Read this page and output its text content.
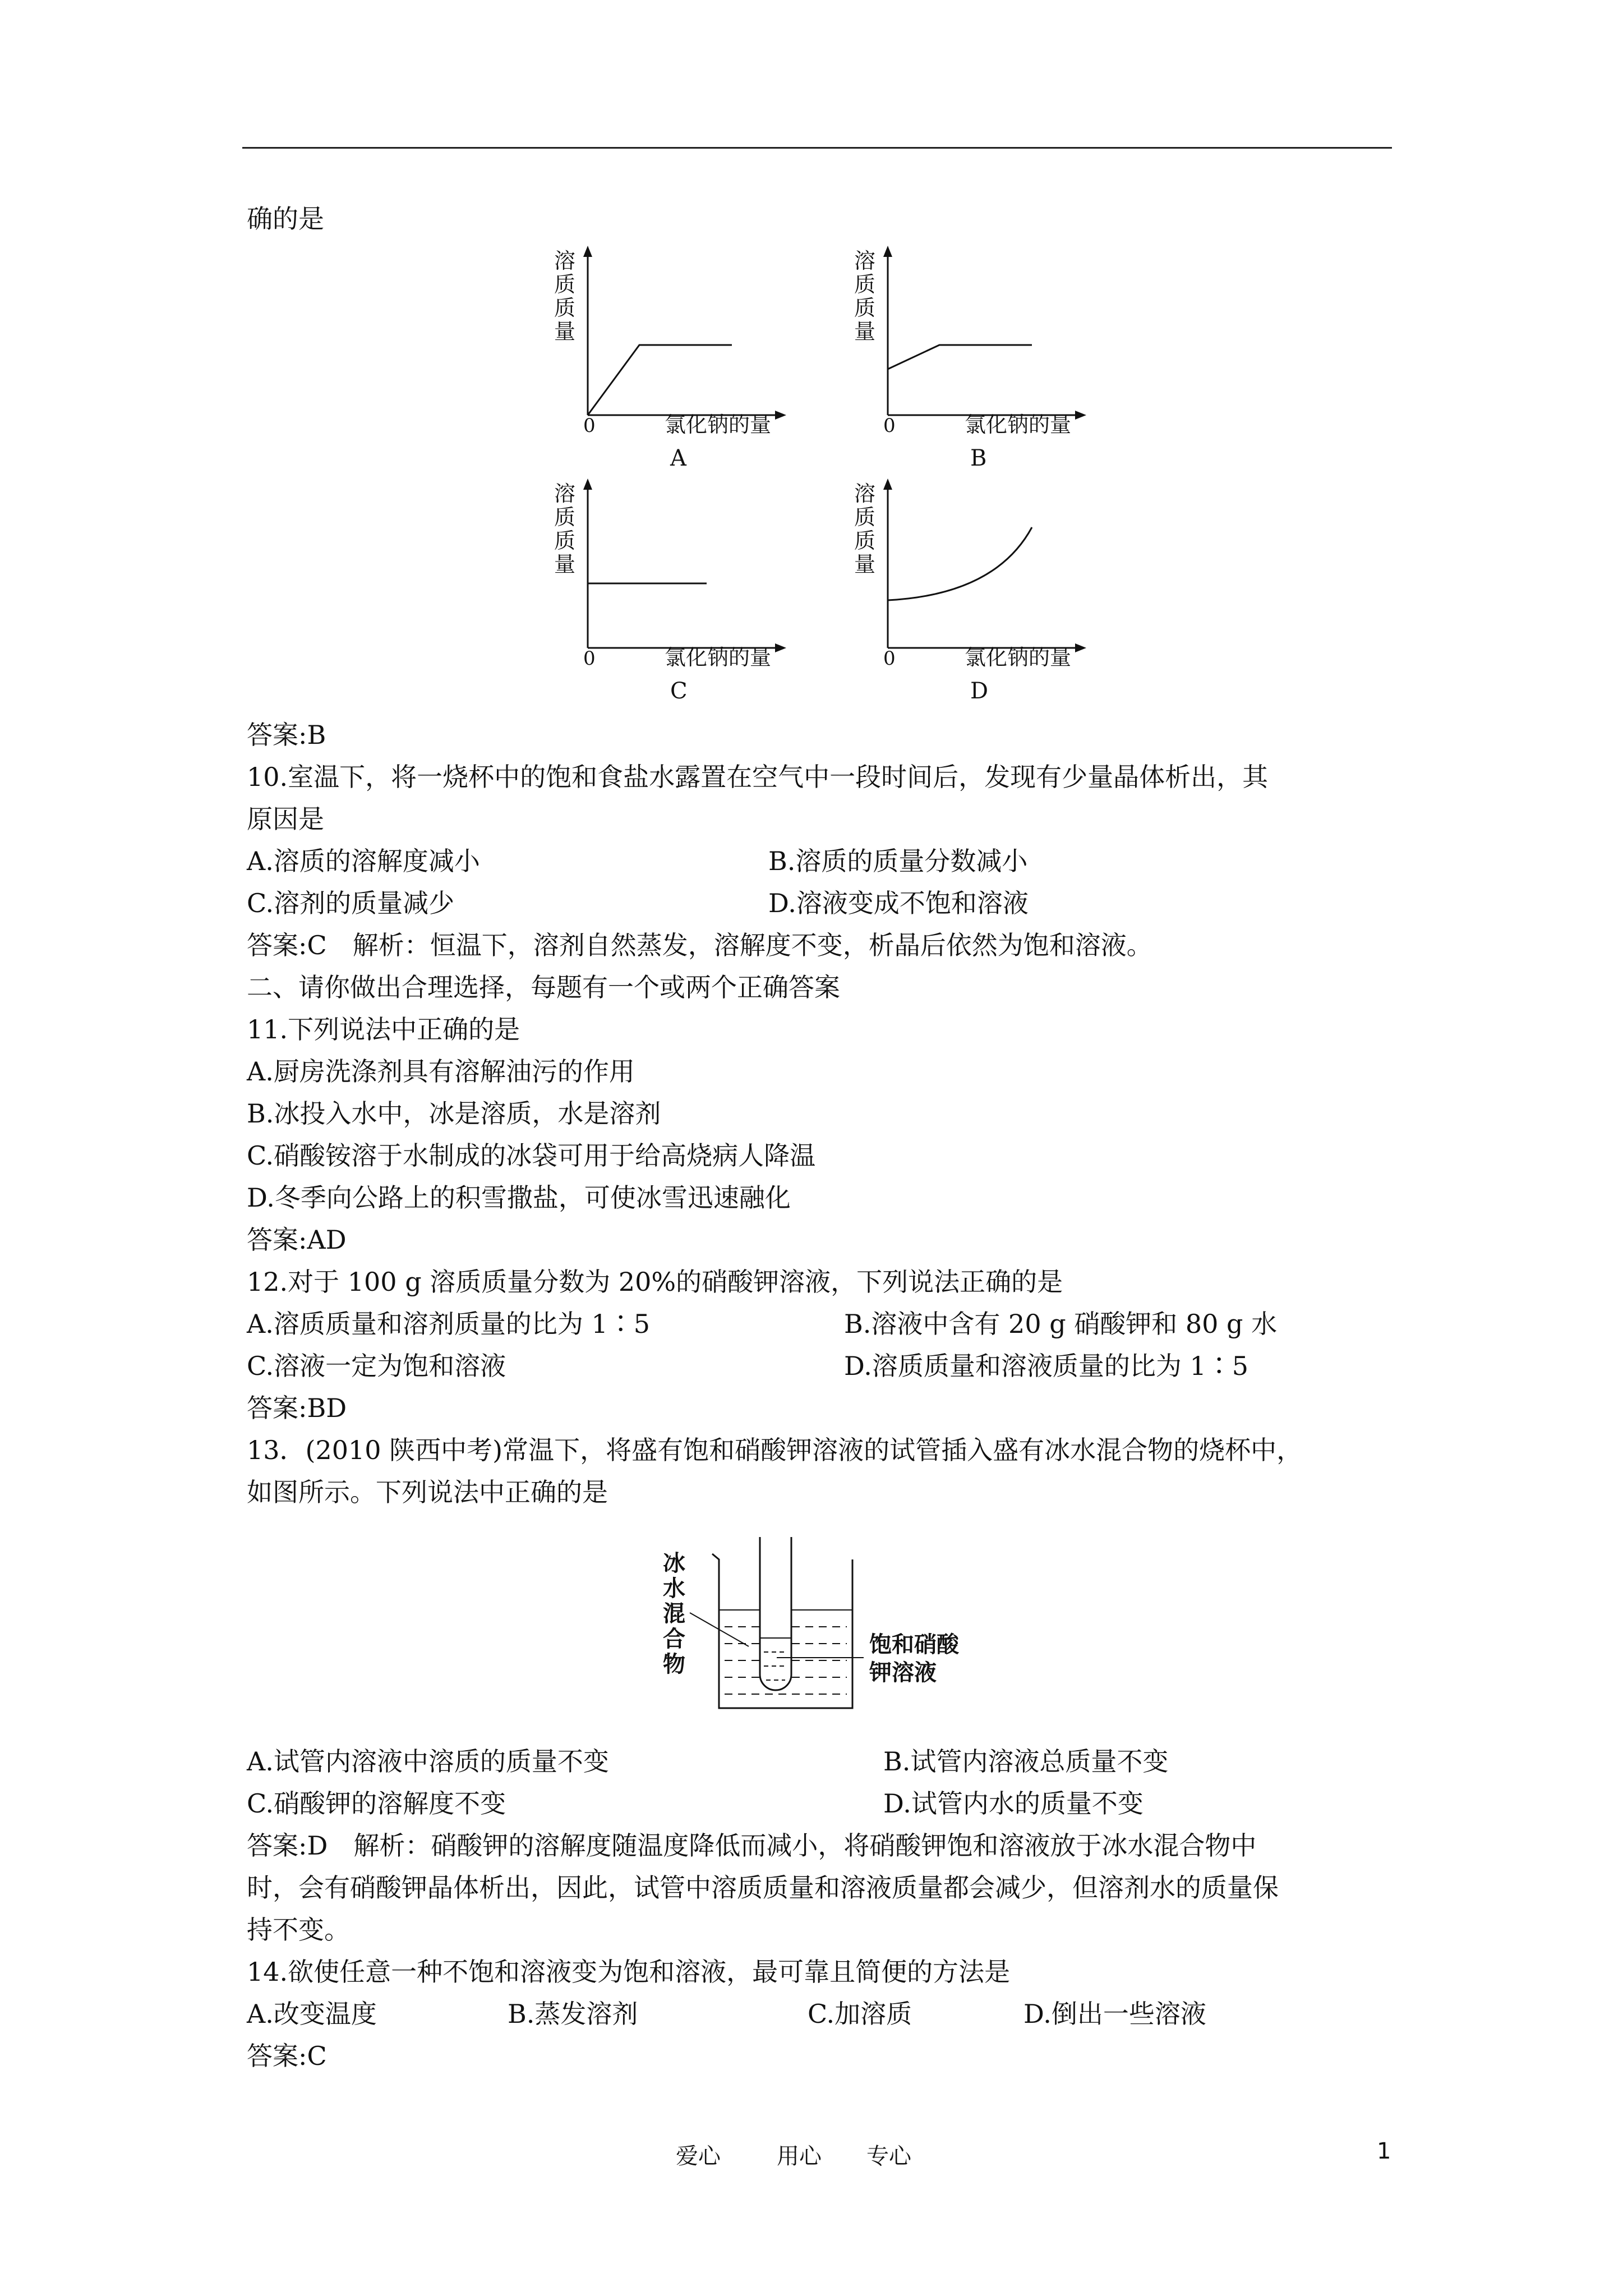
确的是
溶
质
质
量
0	氯化钠的量
A
溶
质
质
量
0	氯化钠的量
B
溶
质
质
量
0	氯化钠的量
C
溶
质
质
量
0	氯化钠的量
D
答案:B
10.室温下，将一烧杯中的饱和食盐水露置在空气中一段时间后，发现有少量晶体析出，其
原因是
A.溶质的溶解度减小	B.溶质的质量分数减小
C.溶剂的质量减少	D.溶液变成不饱和溶液
答案:C　解析：恒温下，溶剂自然蒸发，溶解度不变，析晶后依然为饱和溶液。
二、请你做出合理选择，每题有一个或两个正确答案
11.下列说法中正确的是
A.厨房洗涤剂具有溶解油污的作用
B.冰投入水中，冰是溶质，水是溶剂
C.硝酸铵溶于水制成的冰袋可用于给高烧病人降温
D.冬季向公路上的积雪撒盐，可使冰雪迅速融化
答案:AD
12.对于 100 g 溶质质量分数为 20%的硝酸钾溶液，下列说法正确的是
A.溶质质量和溶剂质量的比为 1∶5	B.溶液中含有 20 g 硝酸钾和 80 g 水
C.溶液一定为饱和溶液	D.溶质质量和溶液质量的比为 1∶5
答案:BD
13．(2010 陕西中考)常温下，将盛有饱和硝酸钾溶液的试管插入盛有冰水混合物的烧杯中，
如图所示。下列说法中正确的是
冰
水
混
合
物
饱和硝酸
钾溶液
A.试管内溶液中溶质的质量不变	B.试管内溶液总质量不变
C.硝酸钾的溶解度不变	D.试管内水的质量不变
答案:D　解析：硝酸钾的溶解度随温度降低而减小，将硝酸钾饱和溶液放于冰水混合物中
时，会有硝酸钾晶体析出，因此，试管中溶质质量和溶液质量都会减少，但溶剂水的质量保
持不变。
14.欲使任意一种不饱和溶液变为饱和溶液，最可靠且简便的方法是
A.改变温度	B.蒸发溶剂	C.加溶质	D.倒出一些溶液
答案:C
爱心	用心 专心	1
